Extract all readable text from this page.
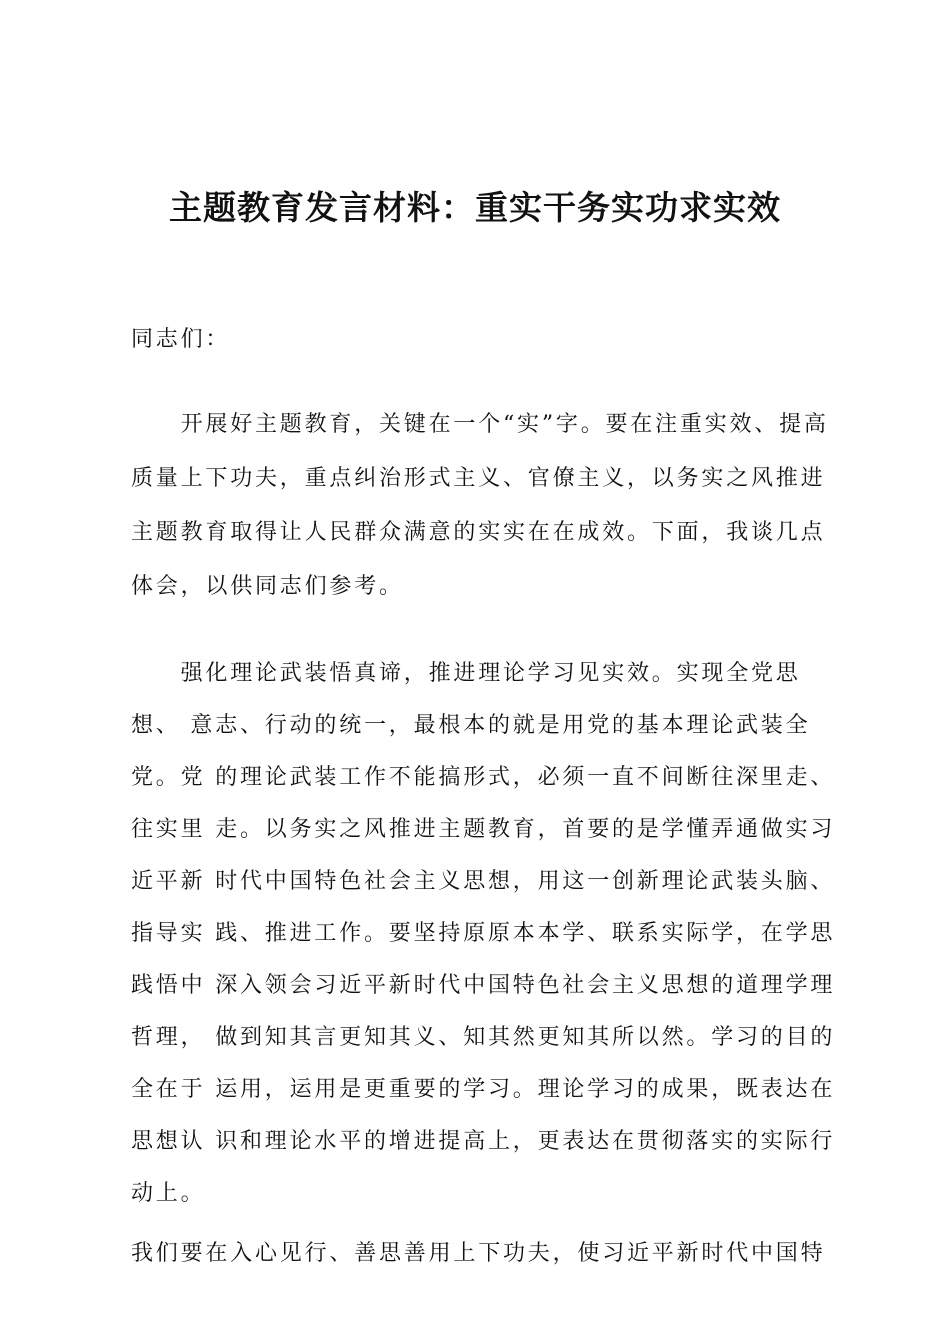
主题教育发言材料：重实干务实功求实效

同志们：

　　开展好主题教育，关键在一个“实”字。要在注重实效、提高质量上下功夫，重点纠治形式主义、官僚主义，以务实之风推进主题教育取得让人民群众满意的实实在在成效。下面，我谈几点体会，以供同志们参考。

　　强化理论武装悟真谛，推进理论学习见实效。实现全党思想、 意志、行动的统一，最根本的就是用党的基本理论武装全党。党 的理论武装工作不能搞形式，必须一直不间断往深里走、往实里 走。以务实之风推进主题教育，首要的是学懂弄通做实习近平新 时代中国特色社会主义思想，用这一创新理论武装头脑、指导实 践、推进工作。要坚持原原本本学、联系实际学，在学思践悟中 深入领会习近平新时代中国特色社会主义思想的道理学理哲理， 做到知其言更知其义、知其然更知其所以然。学习的目的全在于 运用，运用是更重要的学习。理论学习的成果，既表达在思想认 识和理论水平的增进提高上，更表达在贯彻落实的实际行动上。

我们要在入心见行、善思善用上下功夫，使习近平新时代中国特
